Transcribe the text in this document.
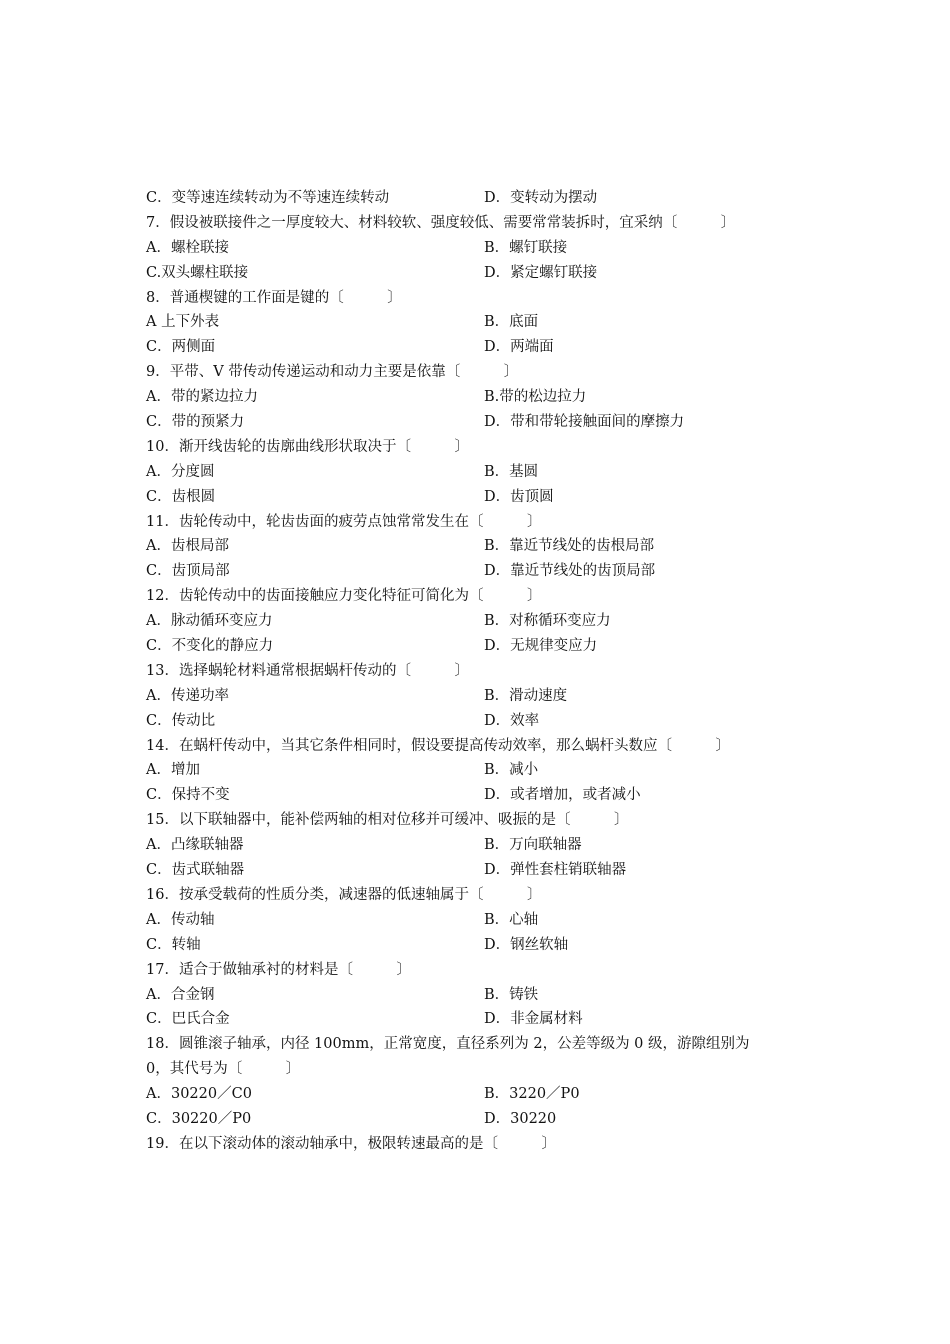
C．变等速连续转动为不等速连续转动	D．变转动为摆动
7．假设被联接件之一厚度较大、材料较软、强度较低、需要常常装拆时，宜采纳〔　　　〕
A．螺栓联接	B．螺钉联接
C.双头螺柱联接	D．紧定螺钉联接
8．普通楔键的工作面是键的〔　　　〕
A 上下外表	B．底面
C．两侧面	D．两端面
9．平带、V 带传动传递运动和动力主要是依靠〔　　　〕
A．带的紧边拉力	B.带的松边拉力
C．带的预紧力	D．带和带轮接触面间的摩擦力
10．渐开线齿轮的齿廓曲线形状取决于〔　　　〕
A．分度圆	B．基圆
C．齿根圆	D．齿顶圆
11．齿轮传动中，轮齿齿面的疲劳点蚀常常发生在〔　　　〕
A．齿根局部	B．靠近节线处的齿根局部
C．齿顶局部	D．靠近节线处的齿顶局部
12．齿轮传动中的齿面接触应力变化特征可简化为〔　　　〕
A．脉动循环变应力	B．对称循环变应力
C．不变化的静应力	D．无规律变应力
13．选择蜗轮材料通常根据蜗杆传动的〔　　　〕
A．传递功率	B．滑动速度
C．传动比	D．效率
14．在蜗杆传动中，当其它条件相同时，假设要提高传动效率，那么蜗杆头数应〔　　　〕
A．增加	B．减小
C．保持不变	D．或者增加，或者减小
15．以下联轴器中，能补偿两轴的相对位移并可缓冲、吸振的是〔　　　〕
A．凸缘联轴器	B．万向联轴器
C．齿式联轴器	D．弹性套柱销联轴器
16．按承受载荷的性质分类，减速器的低速轴属于〔　　　〕
A．传动轴	B．心轴
C．转轴	D．钢丝软轴
17．适合于做轴承衬的材料是〔　　　〕
A．合金钢	B．铸铁
C．巴氏合金	D．非金属材料
18．圆锥滚子轴承，内径 100mm，正常宽度，直径系列为 2，公差等级为 0 级，游隙组别为
0，其代号为〔　　　〕
A．30220／C0	B．3220／P0
C．30220／P0	D．30220
19．在以下滚动体的滚动轴承中，极限转速最高的是〔　　　〕
